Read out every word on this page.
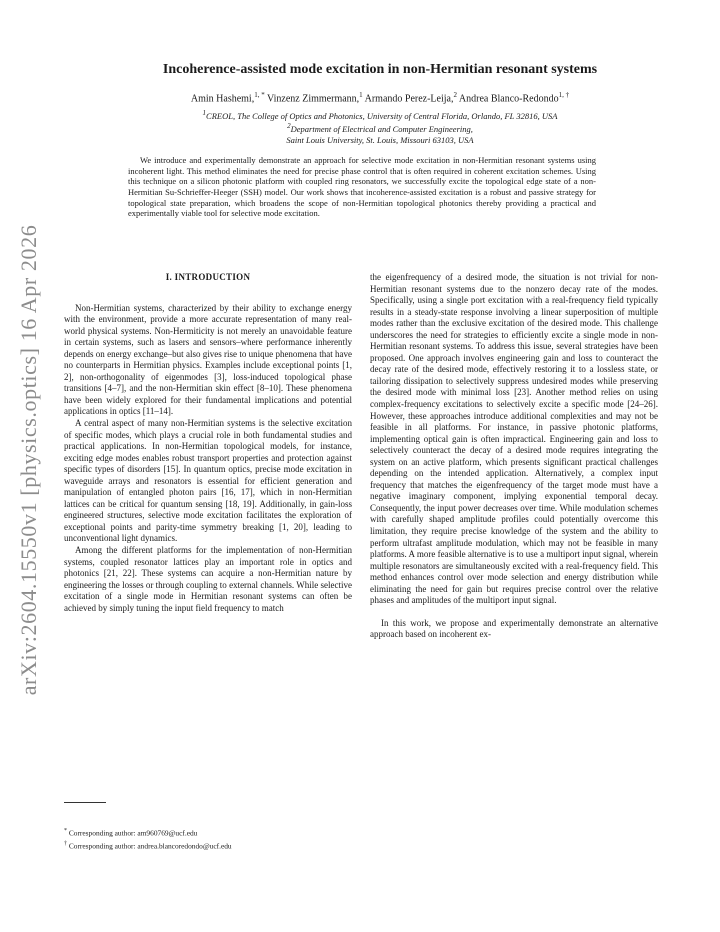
arXiv:2604.15550v1 [physics.optics] 16 Apr 2026
Incoherence-assisted mode excitation in non-Hermitian resonant systems

Amin Hashemi,$^{1, *}$ Vinzenz Zimmermann,$^1$ Armando Perez-Leija,$^2$ Andrea Blanco-Redondo$^{1, \dagger}$

$^1$CREOL, The College of Optics and Photonics, University of Central Florida, Orlando, FL 32816, USA
$^2$Department of Electrical and Computer Engineering,
Saint Louis University, St. Louis, Missouri 63103, USA

We introduce and experimentally demonstrate an approach for selective mode excitation in non-Hermitian resonant systems using incoherent light. This method eliminates the need for precise phase control that is often required in coherent excitation schemes. Using this technique on a silicon photonic platform with coupled ring resonators, we successfully excite the topological edge state of a non-Hermitian Su-Schrieffer-Heeger (SSH) model. Our work shows that incoherence-assisted excitation is a robust and passive strategy for topological state preparation, which broadens the scope of non-Hermitian topological photonics thereby providing a practical and experimentally viable tool for selective mode excitation.

I. INTRODUCTION

Non-Hermitian systems, characterized by their ability to exchange energy with the environment, provide a more accurate representation of many real-world physical systems. Non-Hermiticity is not merely an unavoidable feature in certain systems, such as lasers and sensors–where performance inherently depends on energy exchange–but also gives rise to unique phenomena that have no counterparts in Hermitian physics. Examples include exceptional points [1, 2], non-orthogonality of eigenmodes [3], loss-induced topological phase transitions [4–7], and the non-Hermitian skin effect [8–10]. These phenomena have been widely explored for their fundamental implications and potential applications in optics [11–14].

A central aspect of many non-Hermitian systems is the selective excitation of specific modes, which plays a crucial role in both fundamental studies and practical applications. In non-Hermitian topological models, for instance, exciting edge modes enables robust transport properties and protection against specific types of disorders [15]. In quantum optics, precise mode excitation in waveguide arrays and resonators is essential for efficient generation and manipulation of entangled photon pairs [16, 17], which in non-Hermitian lattices can be critical for quantum sensing [18, 19]. Additionally, in gain-loss engineered structures, selective mode excitation facilitates the exploration of exceptional points and parity-time symmetry breaking [1, 20], leading to unconventional light dynamics.

Among the different platforms for the implementation of non-Hermitian systems, coupled resonator lattices play an important role in optics and photonics [21, 22]. These systems can acquire a non-Hermitian nature by engineering the losses or through coupling to external channels. While selective excitation of a single mode in Hermitian resonant systems can often be achieved by simply tuning the input field frequency to match

the eigenfrequency of a desired mode, the situation is not trivial for non-Hermitian resonant systems due to the nonzero decay rate of the modes. Specifically, using a single port excitation with a real-frequency field typically results in a steady-state response involving a linear superposition of multiple modes rather than the exclusive excitation of the desired mode. This challenge underscores the need for strategies to efficiently excite a single mode in non-Hermitian resonant systems. To address this issue, several strategies have been proposed. One approach involves engineering gain and loss to counteract the decay rate of the desired mode, effectively restoring it to a lossless state, or tailoring dissipation to selectively suppress undesired modes while preserving the desired mode with minimal loss [23]. Another method relies on using complex-frequency excitations to selectively excite a specific mode [24–26]. However, these approaches introduce additional complexities and may not be feasible in all platforms. For instance, in passive photonic platforms, implementing optical gain is often impractical. Engineering gain and loss to selectively counteract the decay of a desired mode requires integrating the system on an active platform, which presents significant practical challenges depending on the intended application. Alternatively, a complex input frequency that matches the eigenfrequency of the target mode must have a negative imaginary component, implying exponential temporal decay. Consequently, the input power decreases over time. While modulation schemes with carefully shaped amplitude profiles could potentially overcome this limitation, they require precise knowledge of the system and the ability to perform ultrafast amplitude modulation, which may not be feasible in many platforms. A more feasible alternative is to use a multiport input signal, wherein multiple resonators are simultaneously excited with a real-frequency field. This method enhances control over mode selection and energy distribution while eliminating the need for gain but requires precise control over the relative phases and amplitudes of the multiport input signal.

In this work, we propose and experimentally demonstrate an alternative approach based on incoherent ex-

* Corresponding author: am960769@ucf.edu
† Corresponding author: andrea.blancoredondo@ucf.edu
